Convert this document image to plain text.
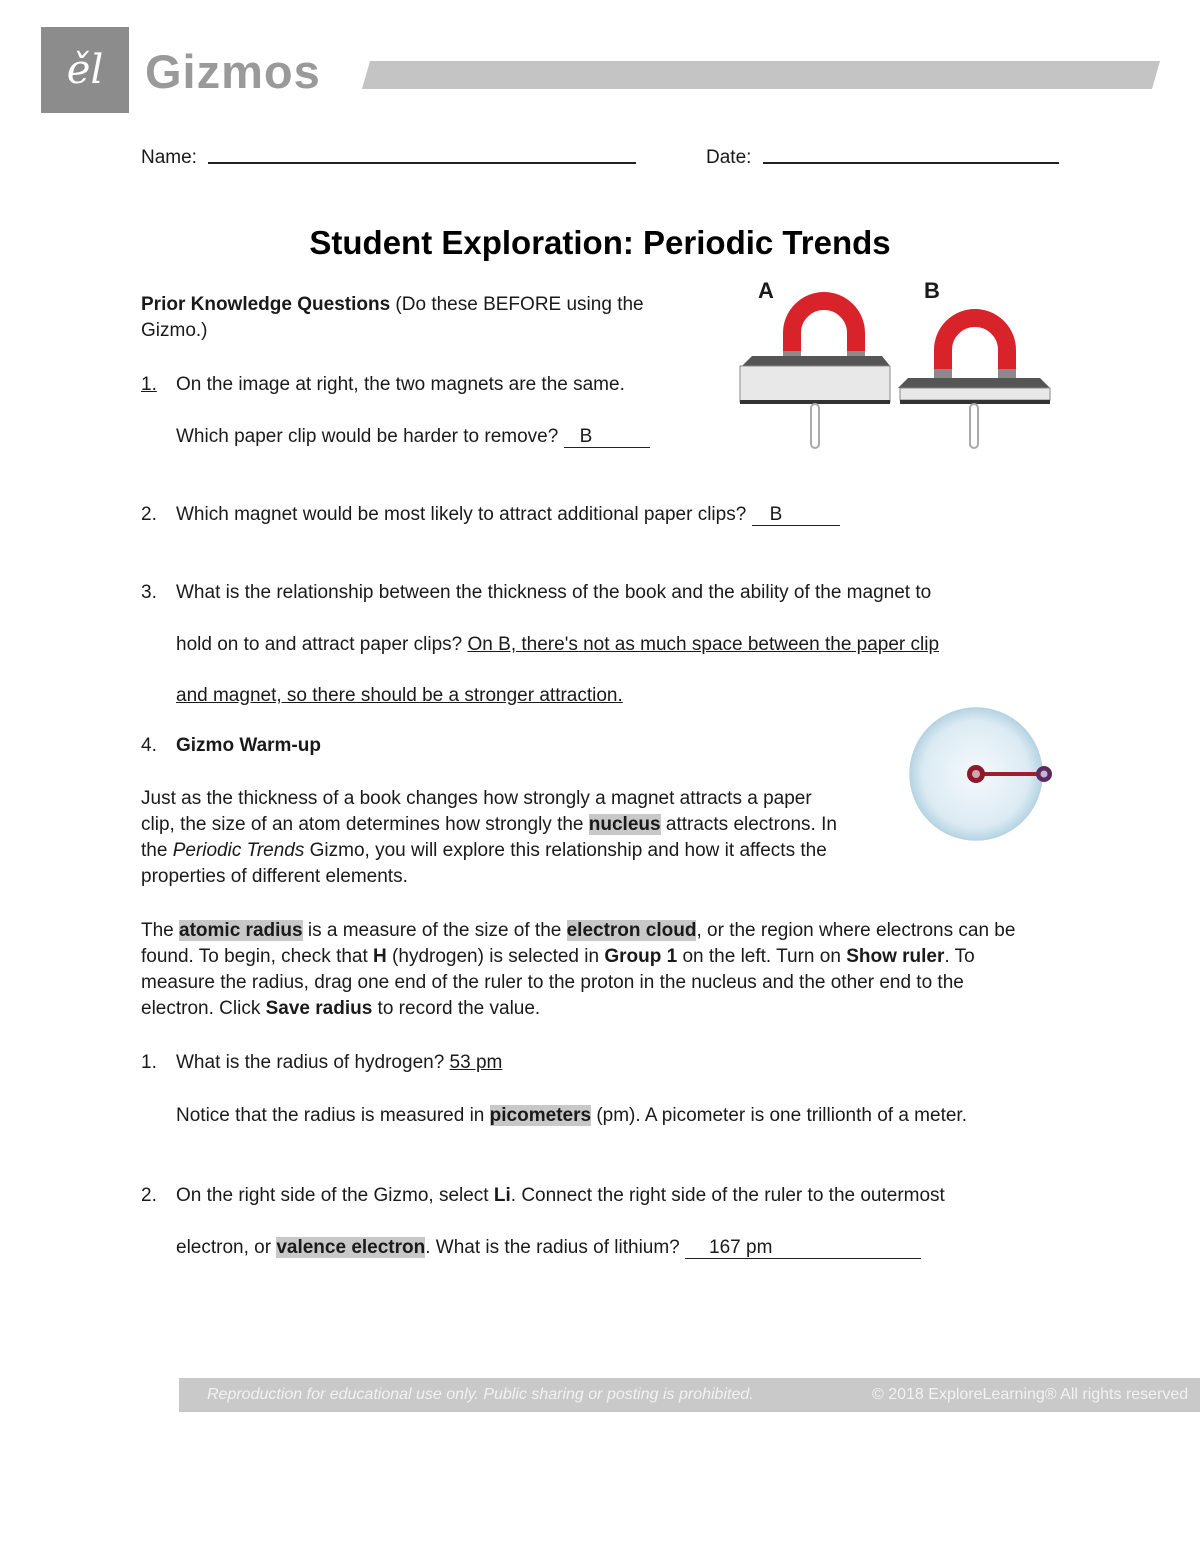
ěl Gizmos
Name:	Date:
Student Exploration: Periodic Trends
Prior Knowledge Questions (Do these BEFORE using the Gizmo.)
1.	On the image at right, the two magnets are the same.
Which paper clip would be harder to remove? B
A	B
2. Which magnet would be most likely to attract additional paper clips? B
3. What is the relationship between the thickness of the book and the ability of the magnet to
hold on to and attract paper clips? On B, there's not as much space between the paper clip
and magnet, so there should be a stronger attraction.
4. Gizmo Warm-up
Just as the thickness of a book changes how strongly a magnet attracts a paper clip, the size of an atom determines how strongly the nucleus attracts electrons. In the Periodic Trends Gizmo, you will explore this relationship and how it affects the properties of different elements.
The atomic radius is a measure of the size of the electron cloud, or the region where electrons can be found. To begin, check that H (hydrogen) is selected in Group 1 on the left. Turn on Show ruler. To measure the radius, drag one end of the ruler to the proton in the nucleus and the other end to the electron. Click Save radius to record the value.
1. What is the radius of hydrogen? 53 pm
Notice that the radius is measured in picometers (pm). A picometer is one trillionth of a meter.
2. On the right side of the Gizmo, select Li. Connect the right side of the ruler to the outermost
electron, or valence electron. What is the radius of lithium? 167 pm
Reproduction for educational use only. Public sharing or posting is prohibited.	© 2018 ExploreLearning® All rights reserved
